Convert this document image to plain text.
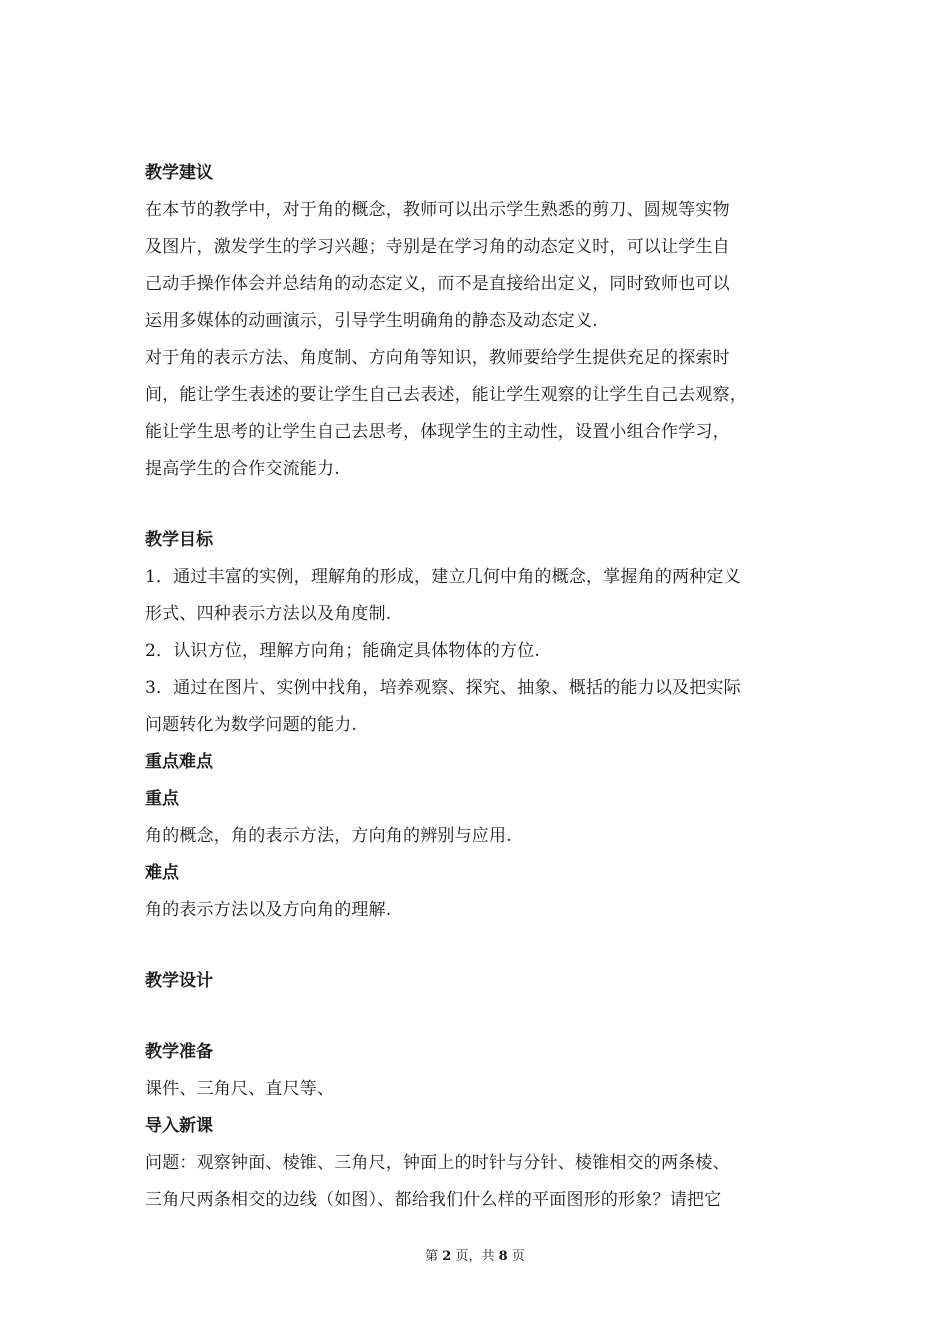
教学建议
在本节的教学中，对于角的概念，教师可以出示学生熟悉的剪刀、圆规等实物
及图片，激发学生的学习兴趣；寺别是在学习角的动态定义时，可以让学生自
己动手操作体会并总结角的动态定义，而不是直接给出定义，同时致师也可以
运用多媒体的动画演示，引导学生明确角的静态及动态定义.
对于角的表示方法、角度制、方向角等知识，教师要给学生提供充足的探索时
间，能让学生表述的要让学生自己去表述，能让学生观察的让学生自己去观察，
能让学生思考的让学生自己去思考，体现学生的主动性，设置小组合作学习，
提高学生的合作交流能力.
教学目标
1．通过丰富的实例，理解角的形成，建立几何中角的概念，掌握角的两种定义
形式、四种表示方法以及角度制.
2．认识方位，理解方向角；能确定具体物体的方位.
3．通过在图片、实例中找角，培养观察、探究、抽象、概括的能力以及把实际
问题转化为数学问题的能力.
重点难点
重点
角的概念，角的表示方法，方向角的辨别与应用.
难点
角的表示方法以及方向角的理解.
教学设计
教学准备
课件、三角尺、直尺等、
导入新课
问题：观察钟面、棱锥、三角尺，钟面上的时针与分针、棱锥相交的两条棱、
三角尺两条相交的边线（如图）、都给我们什么样的平面图形的形象？请把它
第 2 页，共 8 页
